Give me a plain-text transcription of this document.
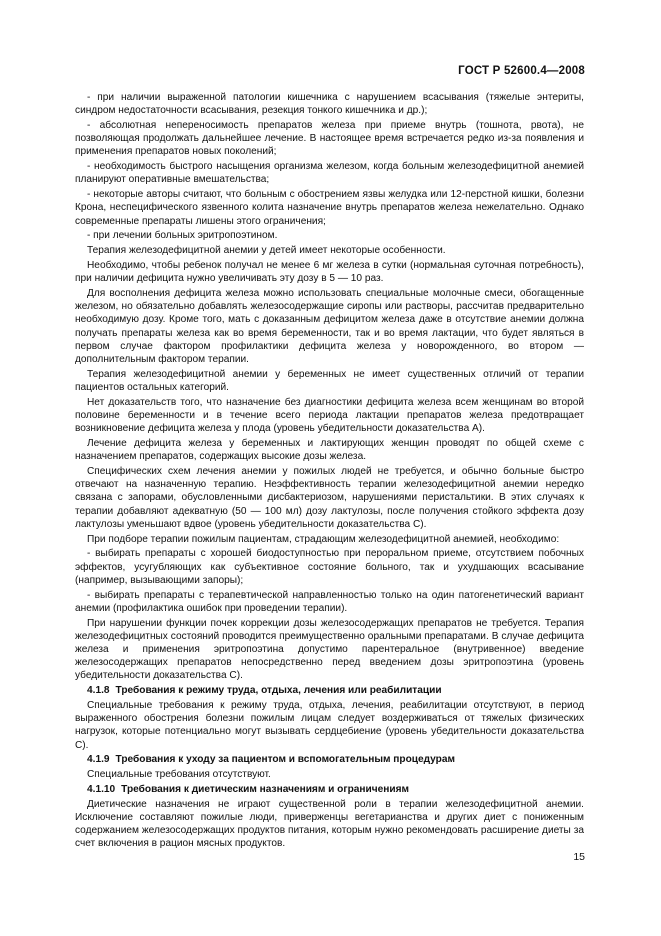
ГОСТ Р 52600.4—2008

- при наличии выраженной патологии кишечника с нарушением всасывания (тяжелые энтериты, синдром недостаточности всасывания, резекция тонкого кишечника и др.);

- абсолютная непереносимость препаратов железа при приеме внутрь (тошнота, рвота), не позволяющая продолжать дальнейшее лечение. В настоящее время встречается редко из-за появления и применения препаратов новых поколений;

- необходимость быстрого насыщения организма железом, когда больным железодефицитной анемией планируют оперативные вмешательства;

- некоторые авторы считают, что больным с обострением язвы желудка или 12-перстной кишки, болезни Крона, неспецифического язвенного колита назначение внутрь препаратов железа нежелательно. Однако современные препараты лишены этого ограничения;

- при лечении больных эритропоэтином.

Терапия железодефицитной анемии у детей имеет некоторые особенности.

Необходимо, чтобы ребенок получал не менее 6 мг железа в сутки (нормальная суточная потребность), при наличии дефицита нужно увеличивать эту дозу в 5 — 10 раз.

Для восполнения дефицита железа можно использовать специальные молочные смеси, обогащенные железом, но обязательно добавлять железосодержащие сиропы или растворы, рассчитав предварительно необходимую дозу. Кроме того, мать с доказанным дефицитом железа даже в отсутствие анемии должна получать препараты железа как во время беременности, так и во время лактации, что будет являться в первом случае фактором профилактики дефицита железа у новорожденного, во втором — дополнительным фактором терапии.

Терапия железодефицитной анемии у беременных не имеет существенных отличий от терапии пациентов остальных категорий.

Нет доказательств того, что назначение без диагностики дефицита железа всем женщинам во второй половине беременности и в течение всего периода лактации препаратов железа предотвращает возникновение дефицита железа у плода (уровень убедительности доказательства А).

Лечение дефицита железа у беременных и лактирующих женщин проводят по общей схеме с назначением препаратов, содержащих высокие дозы железа.

Специфических схем лечения анемии у пожилых людей не требуется, и обычно больные быстро отвечают на назначенную терапию. Неэффективность терапии железодефицитной анемии нередко связана с запорами, обусловленными дисбактериозом, нарушениями перистальтики. В этих случаях к терапии добавляют адекватную (50 — 100 мл) дозу лактулозы, после получения стойкого эффекта дозу лактулозы уменьшают вдвое (уровень убедительности доказательства С).

При подборе терапии пожилым пациентам, страдающим железодефицитной анемией, необходимо:

- выбирать препараты с хорошей биодоступностью при пероральном приеме, отсутствием побочных эффектов, усугубляющих как субъективное состояние больного, так и ухудшающих всасывание (например, вызывающими запоры);

- выбирать препараты с терапевтической направленностью только на один патогенетический вариант анемии (профилактика ошибок при проведении терапии).

При нарушении функции почек коррекции дозы железосодержащих препаратов не требуется. Терапия железодефицитных состояний проводится преимущественно оральными препаратами. В случае дефицита железа и применения эритропоэтина допустимо парентеральное (внутривенное) введение железосодержащих препаратов непосредственно перед введением дозы эритропоэтина (уровень убедительности доказательства С).

4.1.8 Требования к режиму труда, отдыха, лечения или реабилитации

Специальные требования к режиму труда, отдыха, лечения, реабилитации отсутствуют, в период выраженного обострения болезни пожилым лицам следует воздерживаться от тяжелых физических нагрузок, которые потенциально могут вызывать сердцебиение (уровень убедительности доказательства С).

4.1.9 Требования к уходу за пациентом и вспомогательным процедурам

Специальные требования отсутствуют.

4.1.10 Требования к диетическим назначениям и ограничениям

Диетические назначения не играют существенной роли в терапии железодефицитной анемии. Исключение составляют пожилые люди, приверженцы вегетарианства и других диет с пониженным содержанием железосодержащих продуктов питания, которым нужно рекомендовать расширение диеты за счет включения в рацион мясных продуктов.

15
